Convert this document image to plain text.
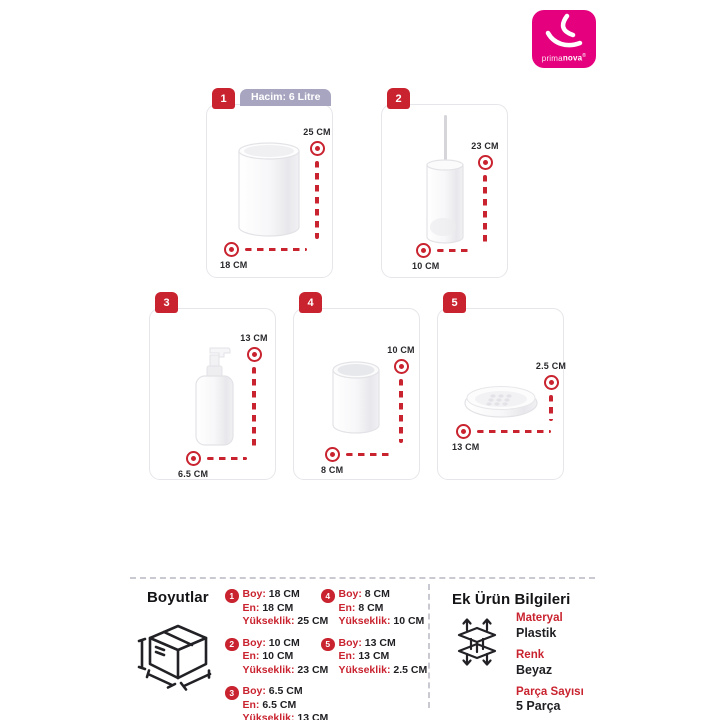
primanova®
1	Hacim: 6 Litre
25 CM
18 CM
2
23 CM
10 CM
3
13 CM
6.5 CM
4
10 CM
8 CM
5
2.5 CM
13 CM
Boyutlar	1 Boy: 18 CM
En: 18 CM
Yükseklik: 25 CM
2 Boy: 10 CM
En: 10 CM
Yükseklik: 23 CM
3 Boy: 6.5 CM
En: 6.5 CM
Yükseklik: 13 CM
4 Boy: 8 CM
En: 8 CM
Yükseklik: 10 CM
5 Boy: 13 CM
En: 13 CM
Yükseklik: 2.5 CM
Ek Ürün Bilgileri
Materyal
Plastik
Renk
Beyaz
Parça Sayısı
5 Parça
